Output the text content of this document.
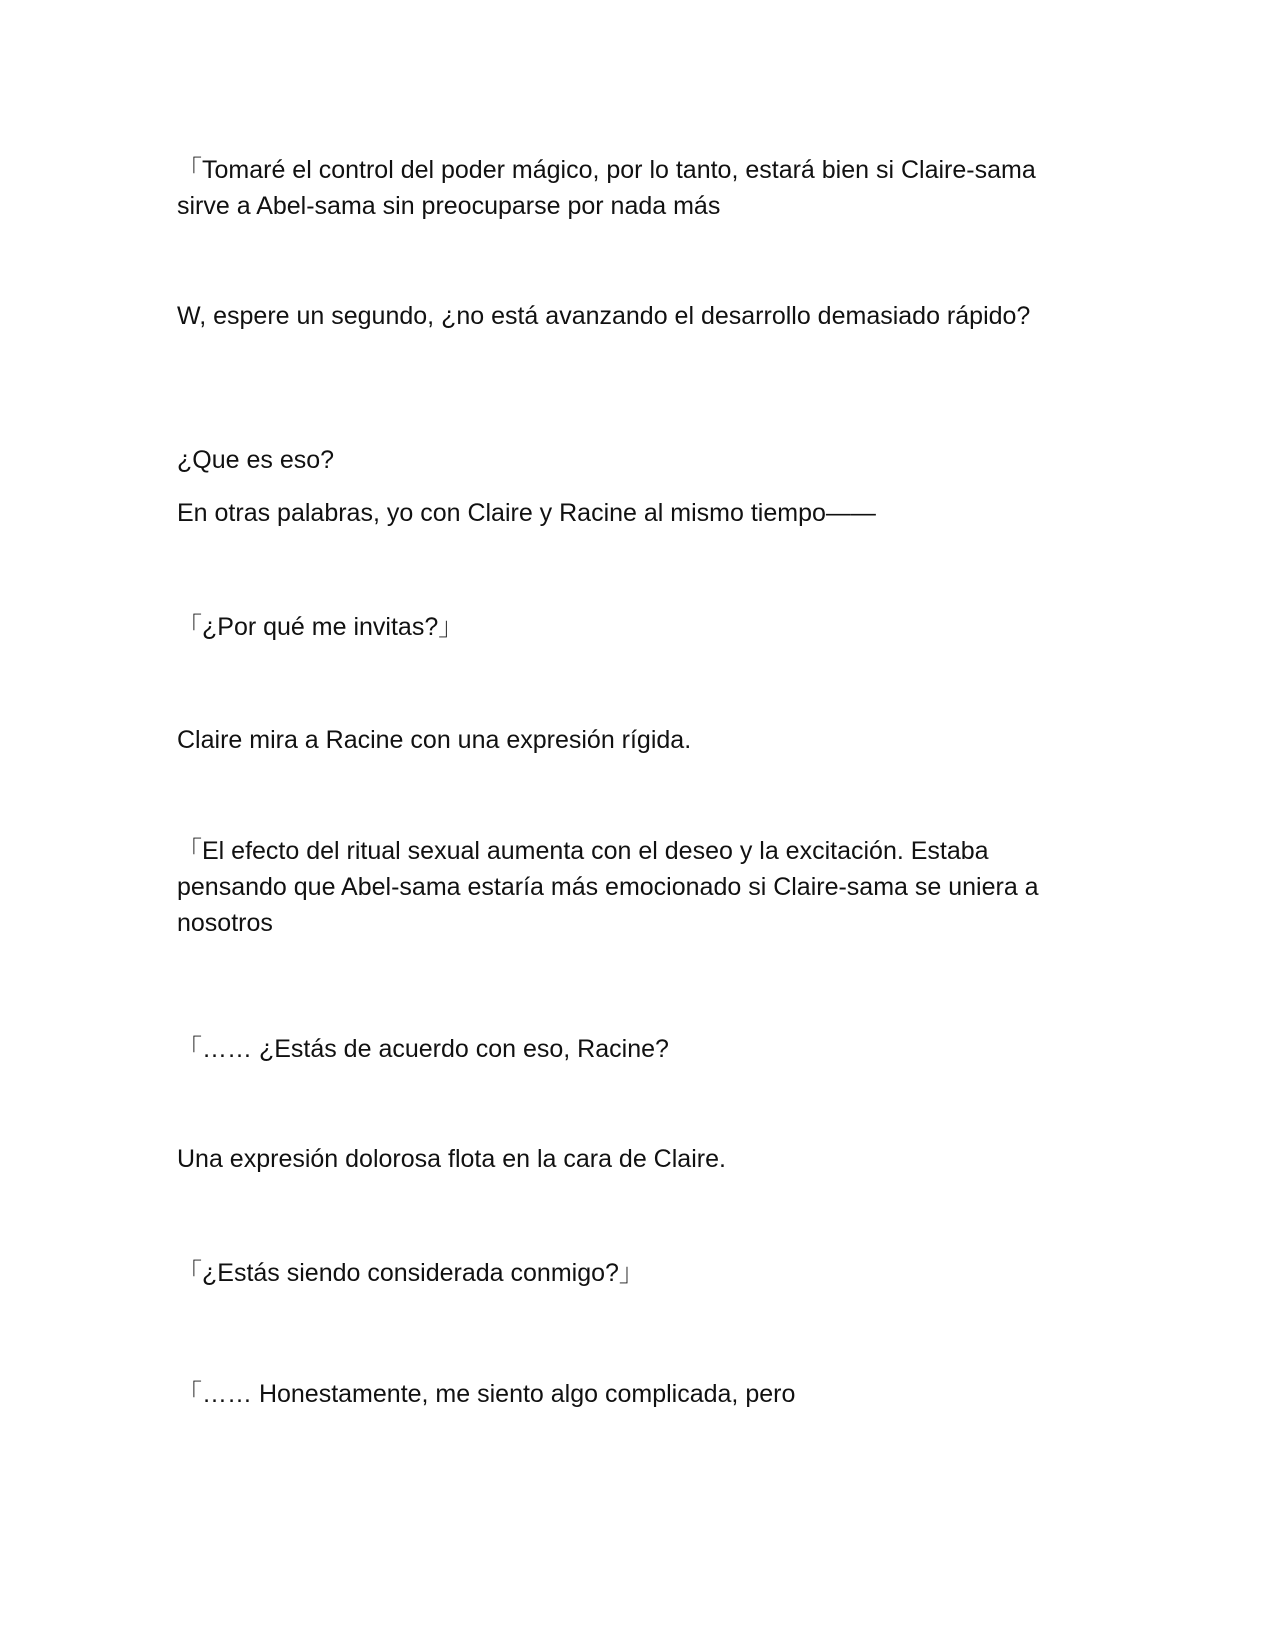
「Tomaré el control del poder mágico, por lo tanto, estará bien si Claire-sama sirve a Abel-sama sin preocuparse por nada más

W, espere un segundo, ¿no está avanzando el desarrollo demasiado rápido?

¿Que es eso?

En otras palabras, yo con Claire y Racine al mismo tiempo——

「¿Por qué me invitas?」

Claire mira a Racine con una expresión rígida.

「El efecto del ritual sexual aumenta con el deseo y la excitación. Estaba pensando que Abel-sama estaría más emocionado si Claire-sama se uniera a nosotros

「…… ¿Estás de acuerdo con eso, Racine?

Una expresión dolorosa flota en la cara de Claire.

「¿Estás siendo considerada conmigo?」

「…… Honestamente, me siento algo complicada, pero
